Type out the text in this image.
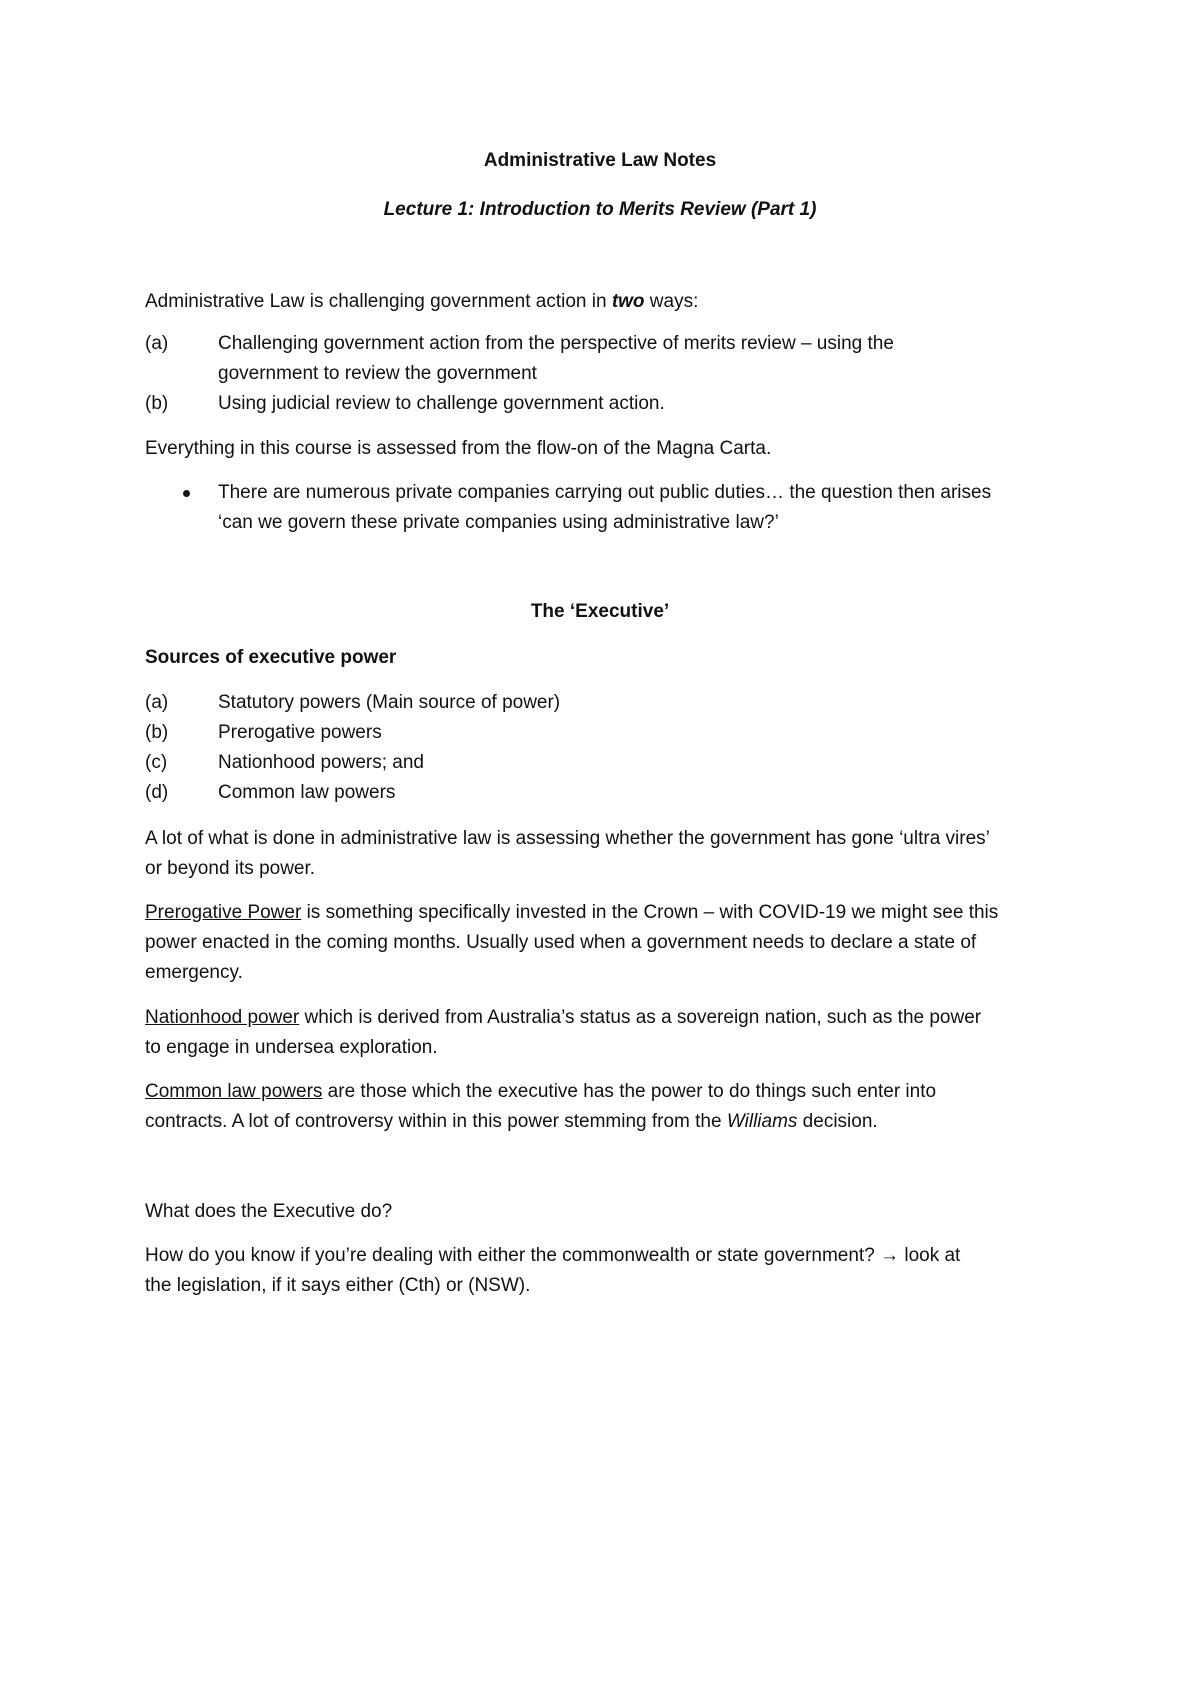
Administrative Law Notes
Lecture 1: Introduction to Merits Review (Part 1)
Administrative Law is challenging government action in two ways:
(a)	Challenging government action from the perspective of merits review – using the
government to review the government
(b)	Using judicial review to challenge government action.
Everything in this course is assessed from the flow-on of the Magna Carta.
There are numerous private companies carrying out public duties… the question then arises
‘can we govern these private companies using administrative law?’
The ‘Executive’
Sources of executive power
(a)	Statutory powers (Main source of power)
(b)	Prerogative powers
(c)	Nationhood powers; and
(d)	Common law powers
A lot of what is done in administrative law is assessing whether the government has gone ‘ultra vires’
or beyond its power.
Prerogative Power is something specifically invested in the Crown – with COVID-19 we might see this
power enacted in the coming months. Usually used when a government needs to declare a state of
emergency.
Nationhood power which is derived from Australia’s status as a sovereign nation, such as the power
to engage in undersea exploration.
Common law powers are those which the executive has the power to do things such enter into
contracts. A lot of controversy within in this power stemming from the Williams decision.
What does the Executive do?
How do you know if you’re dealing with either the commonwealth or state government? → look at
the legislation, if it says either (Cth) or (NSW).
